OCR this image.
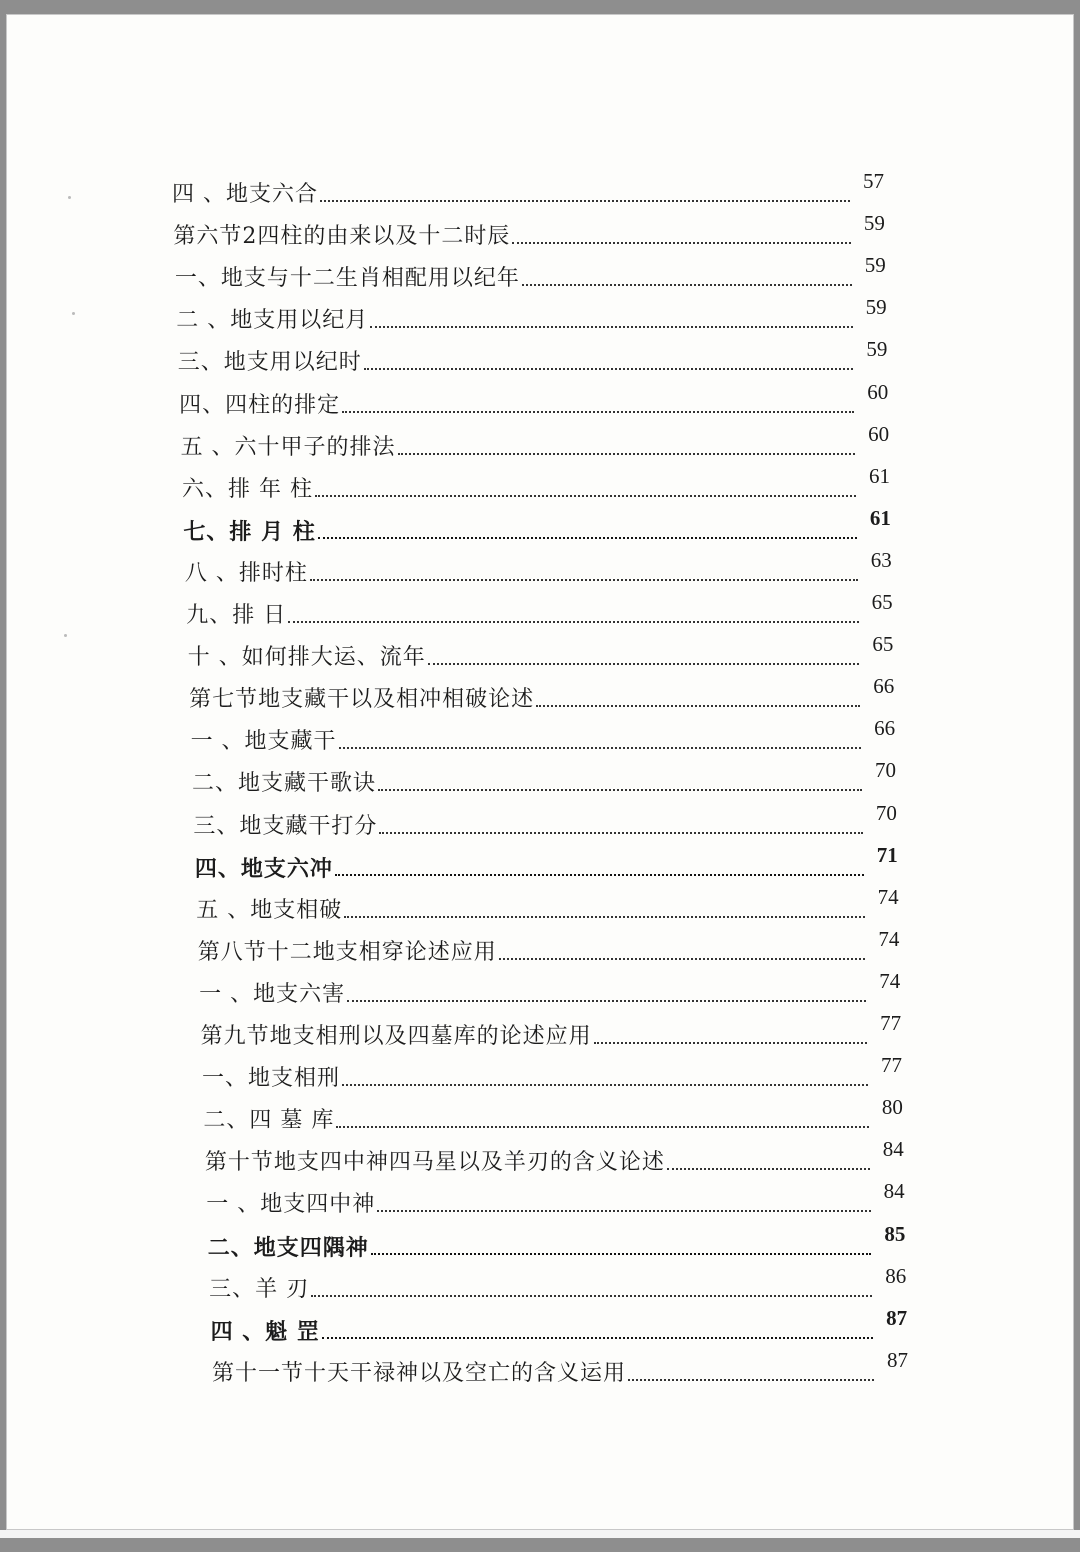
四 、地支六合
57
第六节2四柱的由来以及十二时辰
59
一、地支与十二生肖相配用以纪年
59
二 、地支用以纪月
59
三、地支用以纪时
59
四、四柱的排定
60
五 、六十甲子的排法
60
六、排 年 柱
61
七、排 月 柱
61
八 、排时柱
63
九、排 日
65
十 、如何排大运、流年
65
第七节地支藏干以及相冲相破论述
66
一 、地支藏干
66
二、地支藏干歌诀
70
三、地支藏干打分
70
四、地支六冲
71
五 、地支相破
74
第八节十二地支相穿论述应用
74
一 、地支六害
74
第九节地支相刑以及四墓库的论述应用
77
一、地支相刑
77
二、四 墓 库
80
第十节地支四中神四马星以及羊刃的含义论述
84
一 、地支四中神
84
二、地支四隅神
85
三、羊 刃
86
四 、魁 罡
87
第十一节十天干禄神以及空亡的含义运用
87
